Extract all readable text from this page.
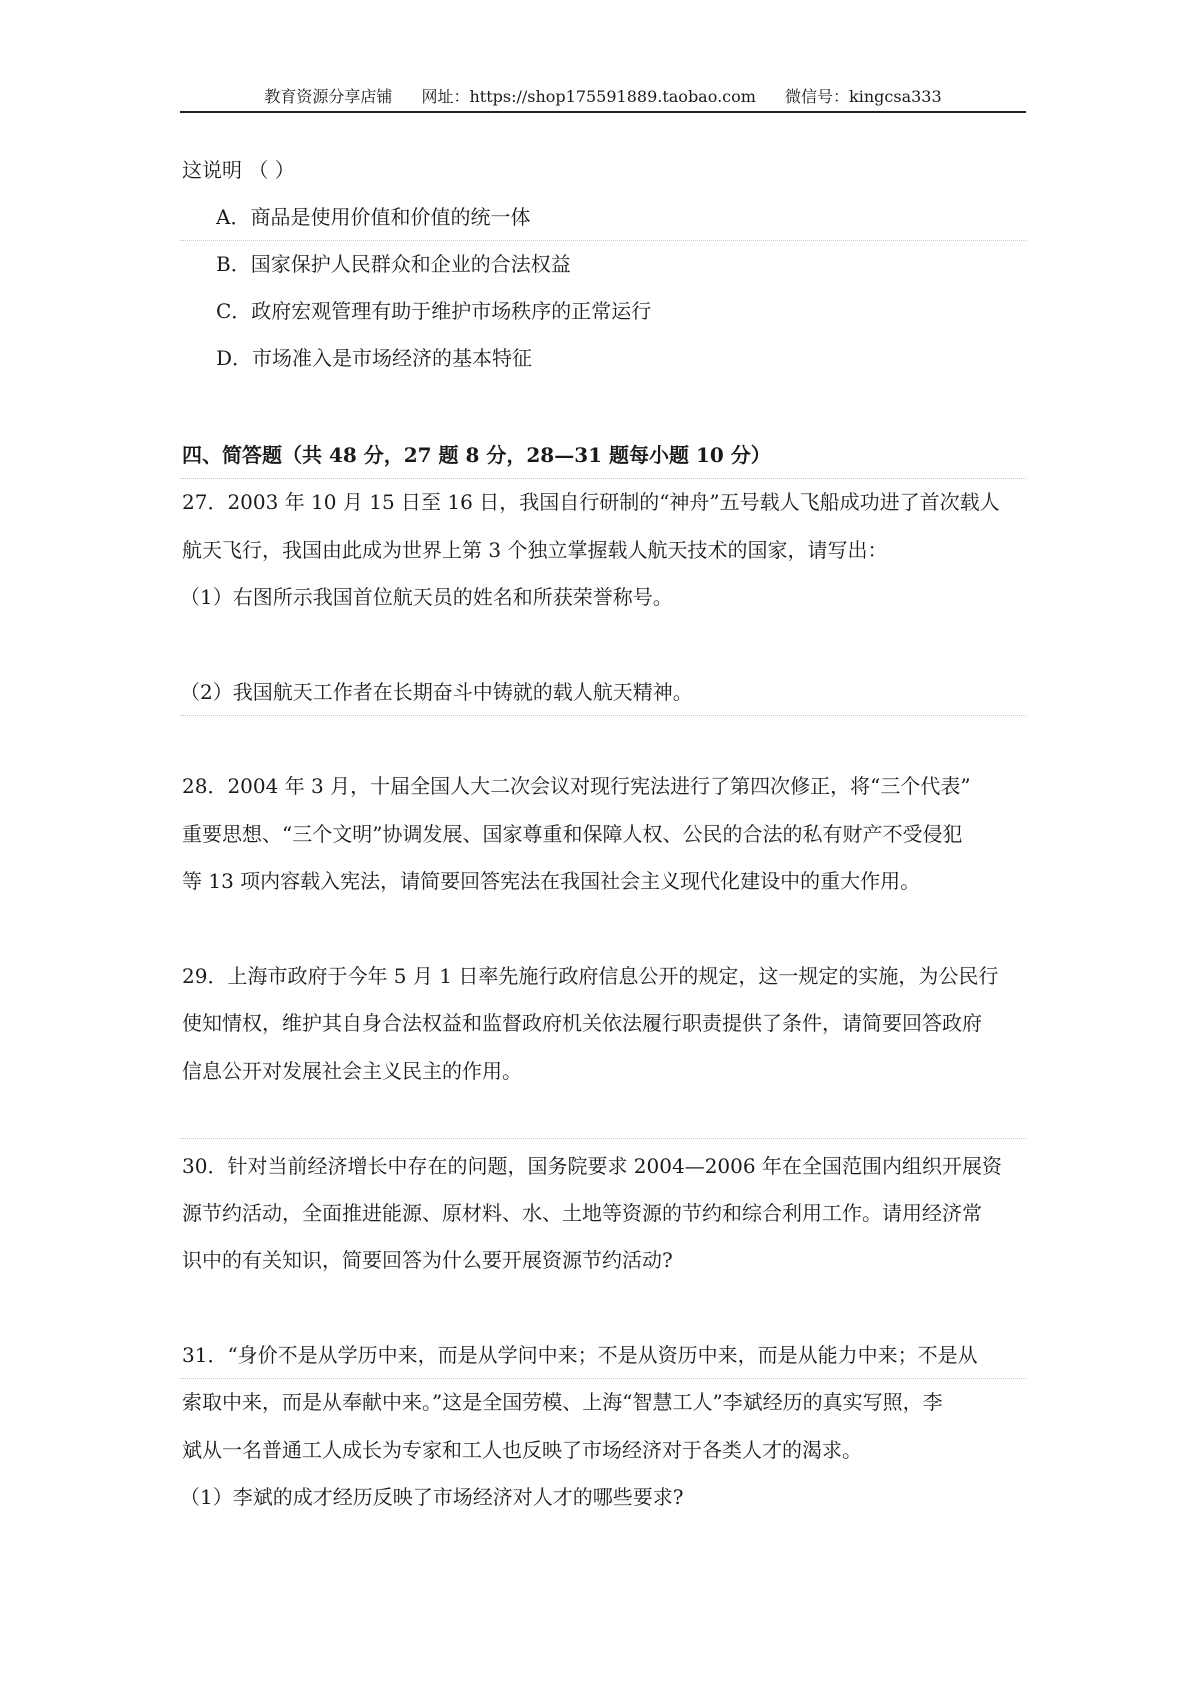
教育资源分享店铺 网址：https://shop175591889.taobao.com 微信号：kingcsa333
这说明 （ ）
A．商品是使用价值和价值的统一体
B．国家保护人民群众和企业的合法权益
C．政府宏观管理有助于维护市场秩序的正常运行
D．市场准入是市场经济的基本特征
四、简答题（共 48 分，27 题 8 分，28—31 题每小题 10 分）
27．2003 年 10 月 15 日至 16 日，我国自行研制的“神舟”五号载人飞船成功进了首次载人
航天飞行，我国由此成为世界上第 3 个独立掌握载人航天技术的国家，请写出：
（1）右图所示我国首位航天员的姓名和所获荣誉称号。
（2）我国航天工作者在长期奋斗中铸就的载人航天精神。
28．2004 年 3 月，十届全国人大二次会议对现行宪法进行了第四次修正，将“三个代表”
重要思想、“三个文明”协调发展、国家尊重和保障人权、公民的合法的私有财产不受侵犯
等 13 项内容载入宪法，请简要回答宪法在我国社会主义现代化建设中的重大作用。
29．上海市政府于今年 5 月 1 日率先施行政府信息公开的规定，这一规定的实施，为公民行
使知情权，维护其自身合法权益和监督政府机关依法履行职责提供了条件，请简要回答政府
信息公开对发展社会主义民主的作用。
30．针对当前经济增长中存在的问题，国务院要求 2004—2006 年在全国范围内组织开展资
源节约活动，全面推进能源、原材料、水、土地等资源的节约和综合利用工作。请用经济常
识中的有关知识，简要回答为什么要开展资源节约活动?
31．“身价不是从学历中来，而是从学问中来；不是从资历中来，而是从能力中来；不是从
索取中来，而是从奉献中来。”这是全国劳模、上海“智慧工人”李斌经历的真实写照，李
斌从一名普通工人成长为专家和工人也反映了市场经济对于各类人才的渴求。
（1）李斌的成才经历反映了市场经济对人才的哪些要求?
